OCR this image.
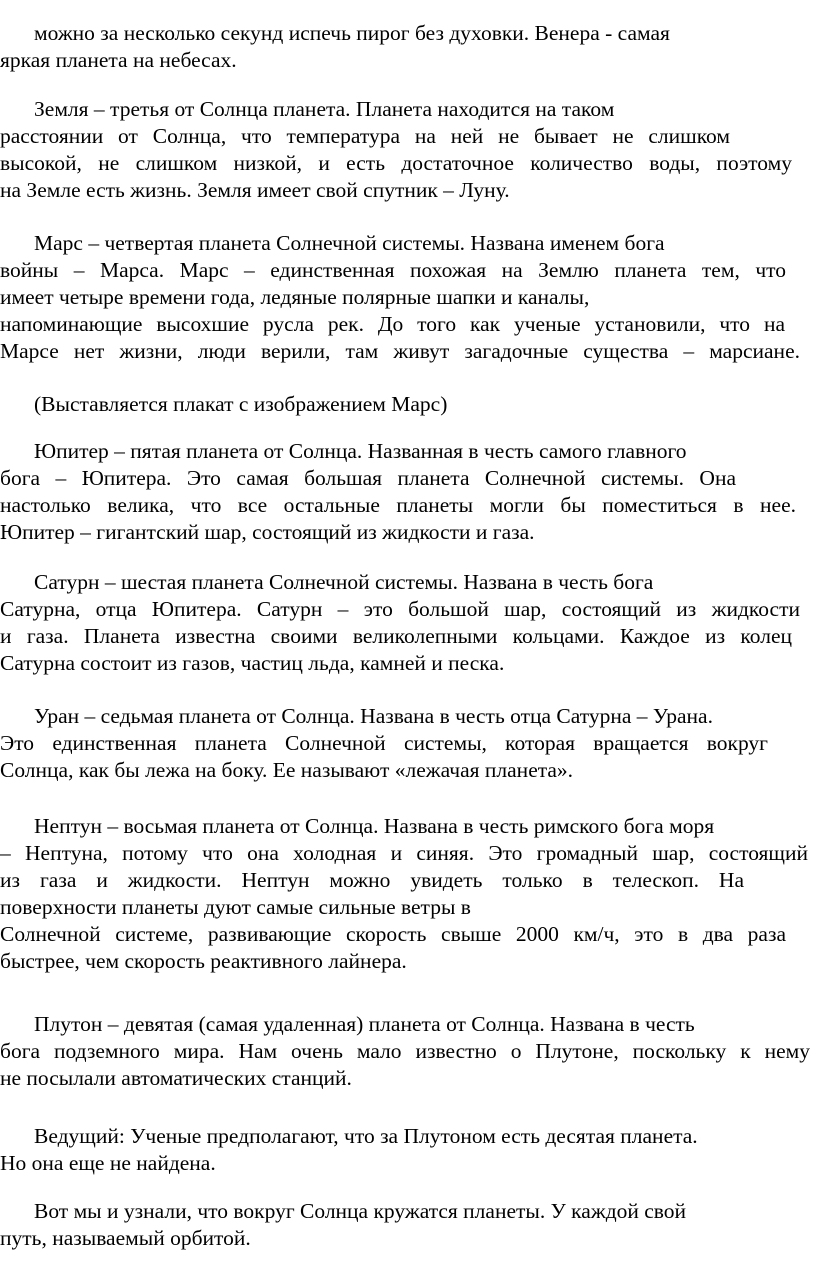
можно за несколько секунд испечь пирог без духовки. Венера - самая
яркая планета на небесах.

Земля – третья от Солнца планета. Планета находится на таком
расстоянии от Солнца, что температура на ней не бывает не слишком
высокой, не слишком низкой, и есть достаточное количество воды, поэтому
на Земле есть жизнь. Земля имеет свой спутник – Луну.

Марс – четвертая планета Солнечной системы. Названа именем бога
войны – Марса. Марс – единственная похожая на Землю планета тем, что
имеет четыре времени года, ледяные полярные шапки и каналы,
напоминающие высохшие русла рек. До того как ученые установили, что на
Марсе нет жизни, люди верили, там живут загадочные существа – марсиане.

(Выставляется плакат с изображением Марс)

Юпитер – пятая планета от Солнца. Названная в честь самого главного
бога – Юпитера. Это самая большая планета Солнечной системы. Она
настолько велика, что все остальные планеты могли бы поместиться в нее.
Юпитер – гигантский шар, состоящий из жидкости и газа.

Сатурн – шестая планета Солнечной системы. Названа в честь бога
Сатурна, отца Юпитера. Сатурн – это большой шар, состоящий из жидкости
и газа. Планета известна своими великолепными кольцами. Каждое из колец
Сатурна состоит из газов, частиц льда, камней и песка.

Уран – седьмая планета от Солнца. Названа в честь отца Сатурна – Урана.
Это единственная планета Солнечной системы, которая вращается вокруг
Солнца, как бы лежа на боку. Ее называют «лежачая планета».

Нептун – восьмая планета от Солнца. Названа в честь римского бога моря
– Нептуна, потому что она холодная и синяя. Это громадный шар, состоящий
из газа и жидкости. Нептун можно увидеть только в телескоп. На
поверхности планеты дуют самые сильные ветры в
Солнечной системе, развивающие скорость свыше 2000 км/ч, это в два раза
быстрее, чем скорость реактивного лайнера.

Плутон – девятая (самая удаленная) планета от Солнца. Названа в честь
бога подземного мира. Нам очень мало известно о Плутоне, поскольку к нему
не посылали автоматических станций.

Ведущий: Ученые предполагают, что за Плутоном есть десятая планета.
Но она еще не найдена.

Вот мы и узнали, что вокруг Солнца кружатся планеты. У каждой свой
путь, называемый орбитой.
